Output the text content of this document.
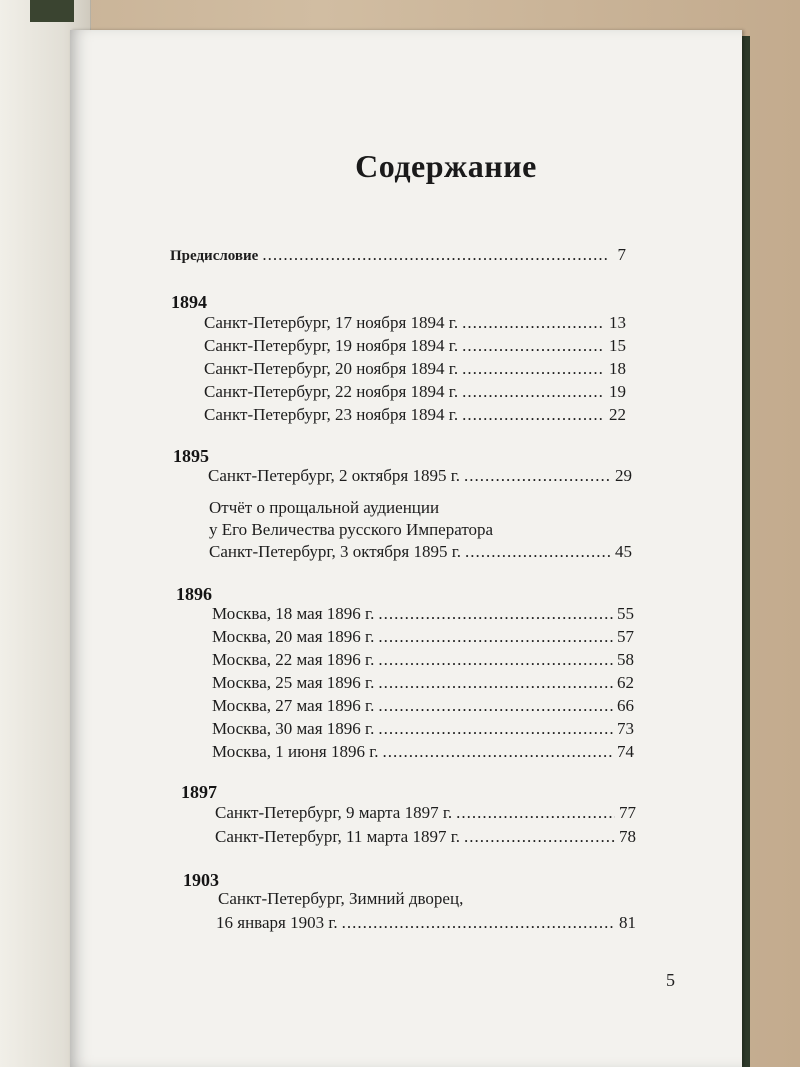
Содержание
Предисловие .....	7
1894
Санкт-Петербург, 17 ноября 1894 г. .....	13
Санкт-Петербург, 19 ноября 1894 г. .....	15
Санкт-Петербург, 20 ноября 1894 г. .....	18
Санкт-Петербург, 22 ноября 1894 г. .....	19
Санкт-Петербург, 23 ноября 1894 г. .....	22
1895
Санкт-Петербург, 2 октября 1895 г. .....	29
Отчёт о прощальной аудиенции
у Его Величества русского Императора
Санкт-Петербург, 3 октября 1895 г. .....	45
1896
Москва, 18 мая 1896 г. .....	55
Москва, 20 мая 1896 г. .....	57
Москва, 22 мая 1896 г. .....	58
Москва, 25 мая 1896 г. .....	62
Москва, 27 мая 1896 г. .....	66
Москва, 30 мая 1896 г. .....	73
Москва, 1 июня 1896 г. .....	74
1897
Санкт-Петербург, 9 марта 1897 г. .....	77
Санкт-Петербург, 11 марта 1897 г. .....	78
1903
Санкт-Петербург, Зимний дворец,
16 января 1903 г. .....	81
5
